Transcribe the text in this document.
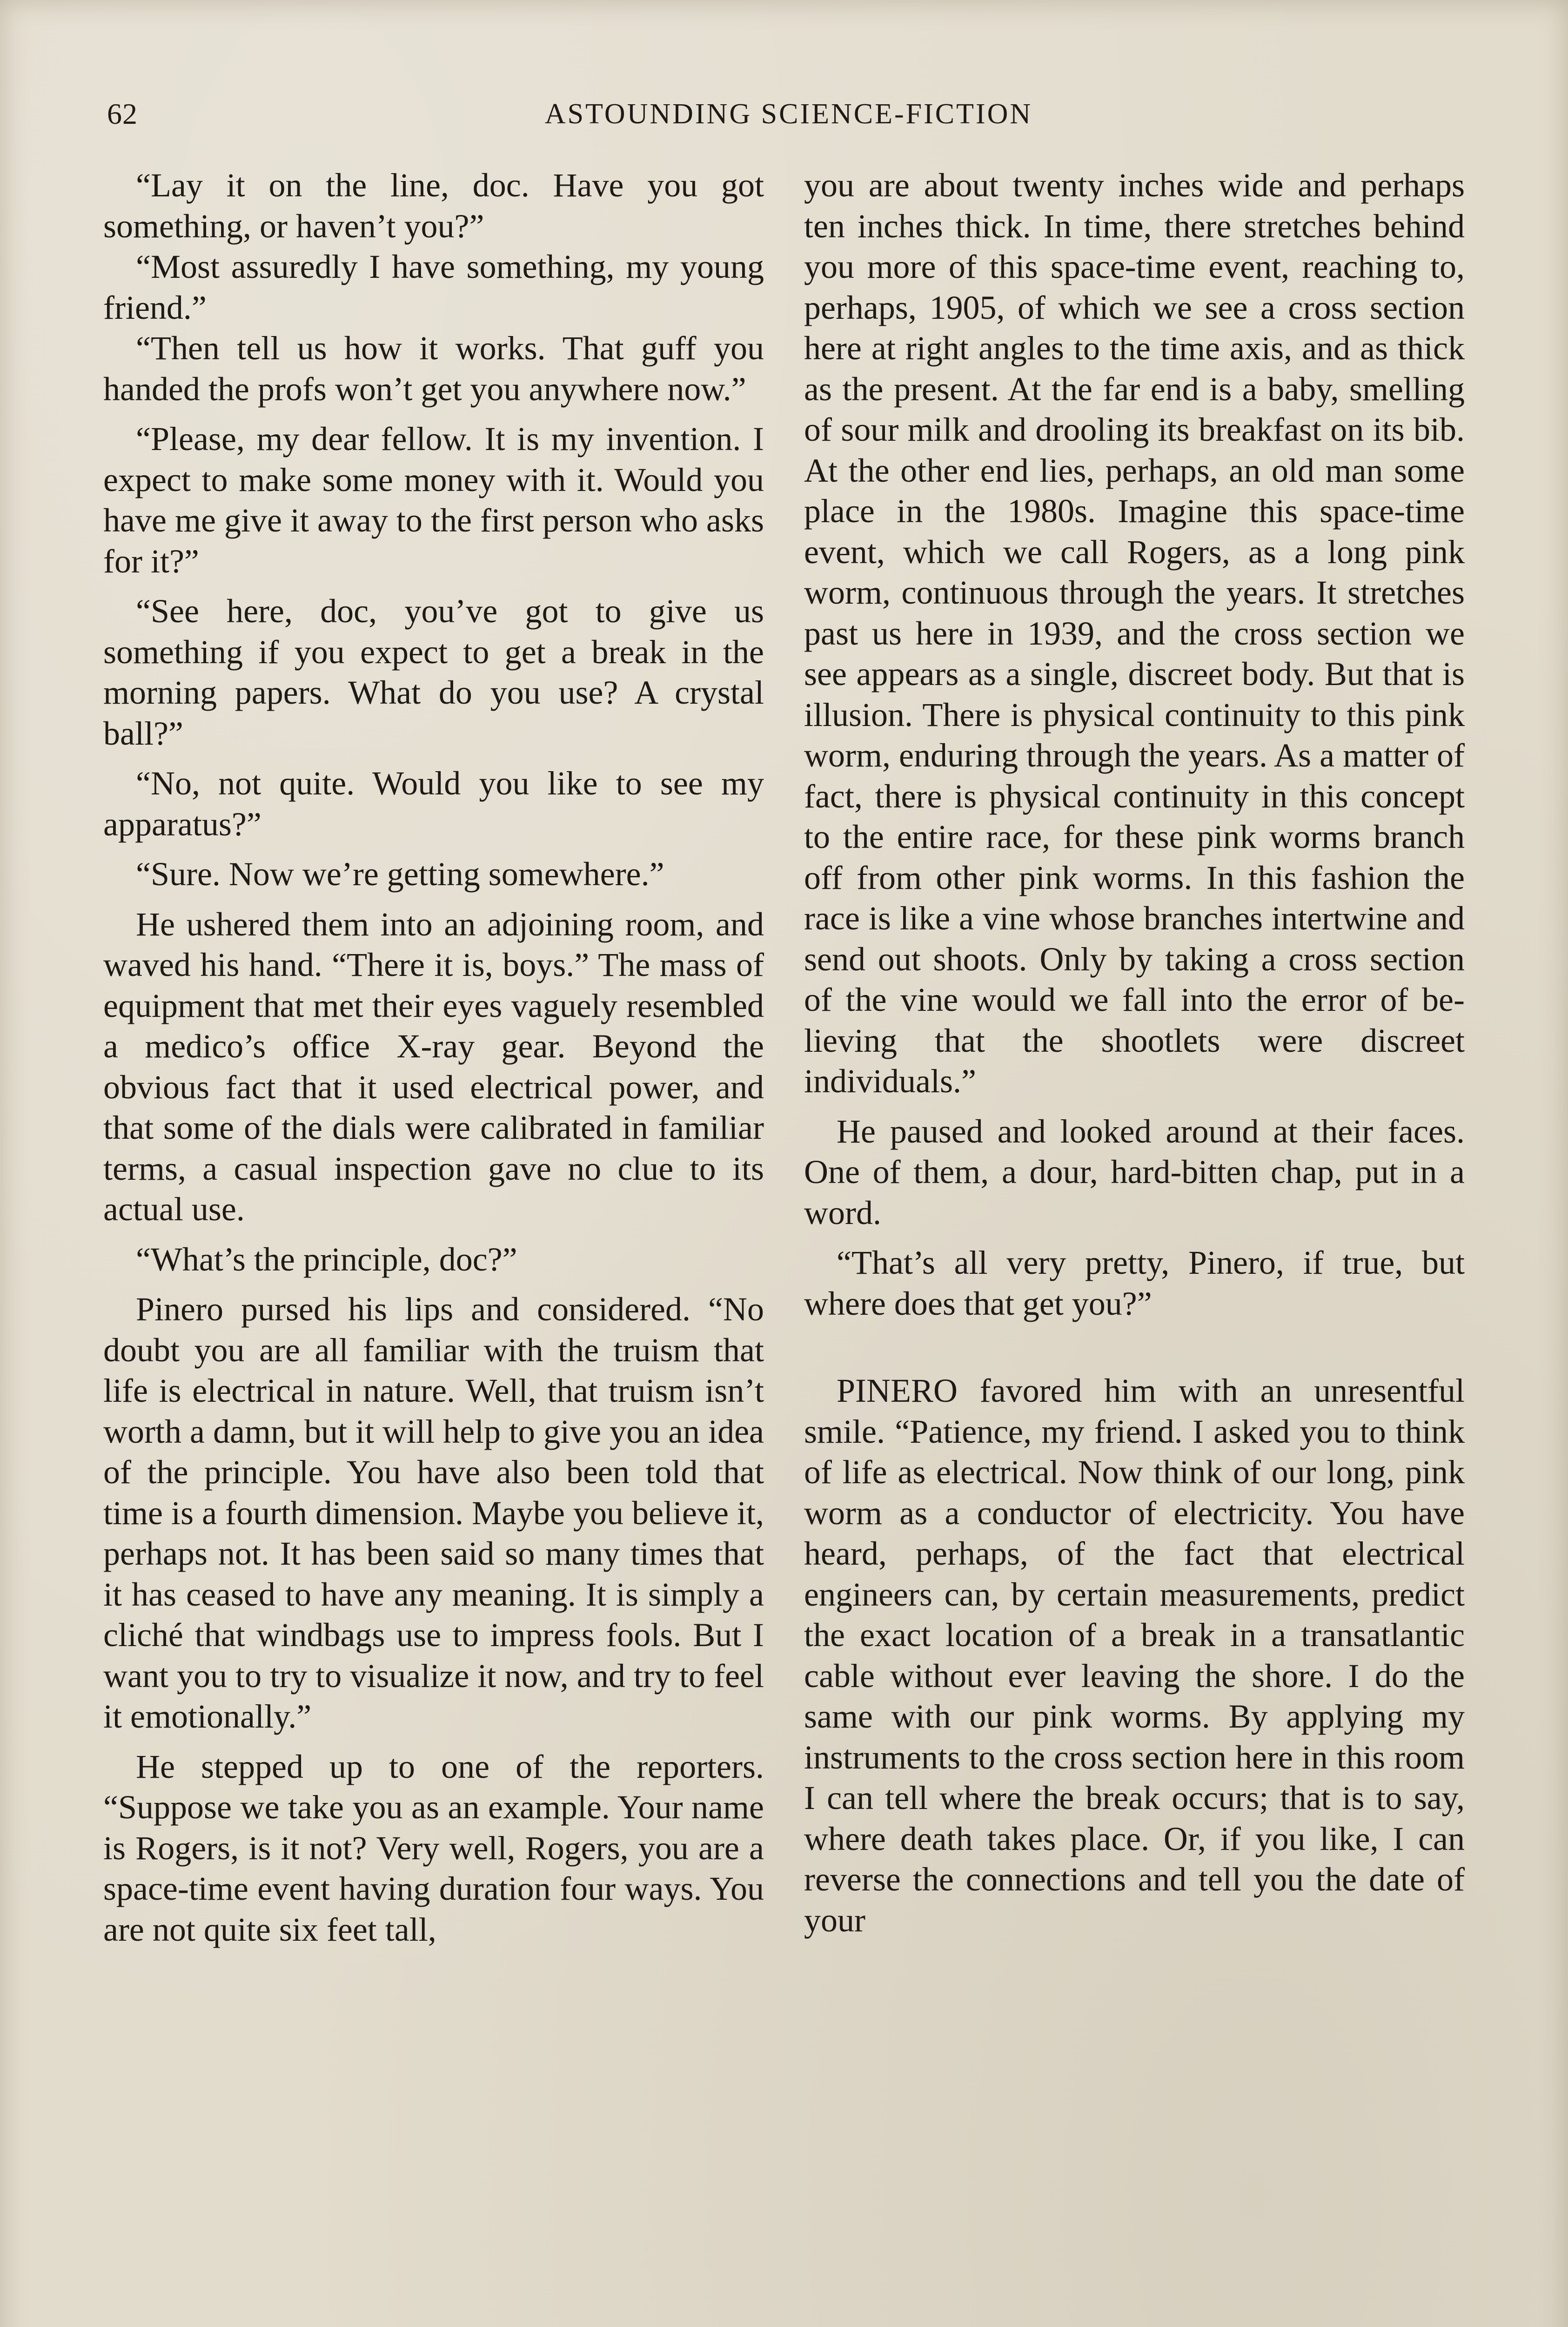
62	ASTOUNDING SCIENCE-FICTION

“Lay it on the line, doc. Have you got something, or haven’t you?”

“Most assuredly I have something, my young friend.”

“Then tell us how it works. That guff you handed the profs won’t get you anywhere now.”

“Please, my dear fellow. It is my invention. I expect to make some money with it. Would you have me give it away to the first person who asks for it?”

“See here, doc, you’ve got to give us something if you expect to get a break in the morning papers. What do you use? A crystal ball?”

“No, not quite. Would you like to see my apparatus?”

“Sure. Now we’re getting somewhere.”

He ushered them into an adjoining room, and waved his hand. “There it is, boys.” The mass of equipment that met their eyes vaguely resembled a medico’s office X-ray gear. Beyond the obvious fact that it used electrical power, and that some of the dials were calibrated in familiar terms, a casual inspection gave no clue to its actual use.

“What’s the principle, doc?”

Pinero pursed his lips and considered. “No doubt you are all familiar with the truism that life is electrical in nature. Well, that truism isn’t worth a damn, but it will help to give you an idea of the principle. You have also been told that time is a fourth dimension. Maybe you believe it, perhaps not. It has been said so many times that it has ceased to have any meaning. It is simply a cliché that windbags use to impress fools. But I want you to try to visualize it now, and try to feel it emotionally.”

He stepped up to one of the reporters. “Suppose we take you as an example. Your name is Rogers, is it not? Very well, Rogers, you are a space-time event having duration four ways. You are not quite six feet tall,

you are about twenty inches wide and perhaps ten inches thick. In time, there stretches behind you more of this space-time event, reaching to, perhaps, 1905, of which we see a cross section here at right angles to the time axis, and as thick as the present. At the far end is a baby, smelling of sour milk and drooling its breakfast on its bib. At the other end lies, perhaps, an old man some place in the 1980s. Imagine this space-time event, which we call Rogers, as a long pink worm, continuous through the years. It stretches past us here in 1939, and the cross section we see appears as a single, discreet body. But that is illusion. There is physical continuity to this pink worm, enduring through the years. As a matter of fact, there is physical continuity in this concept to the entire race, for these pink worms branch off from other pink worms. In this fashion the race is like a vine whose branches intertwine and send out shoots. Only by taking a cross section of the vine would we fall into the error of believing that the shootlets were discreet individuals.”

He paused and looked around at their faces. One of them, a dour, hard-bitten chap, put in a word.

“That’s all very pretty, Pinero, if true, but where does that get you?”

PINERO favored him with an unresentful smile. “Patience, my friend. I asked you to think of life as electrical. Now think of our long, pink worm as a conductor of electricity. You have heard, perhaps, of the fact that electrical engineers can, by certain measurements, predict the exact location of a break in a transatlantic cable without ever leaving the shore. I do the same with our pink worms. By applying my instruments to the cross section here in this room I can tell where the break occurs; that is to say, where death takes place. Or, if you like, I can reverse the connections and tell you the date of your
